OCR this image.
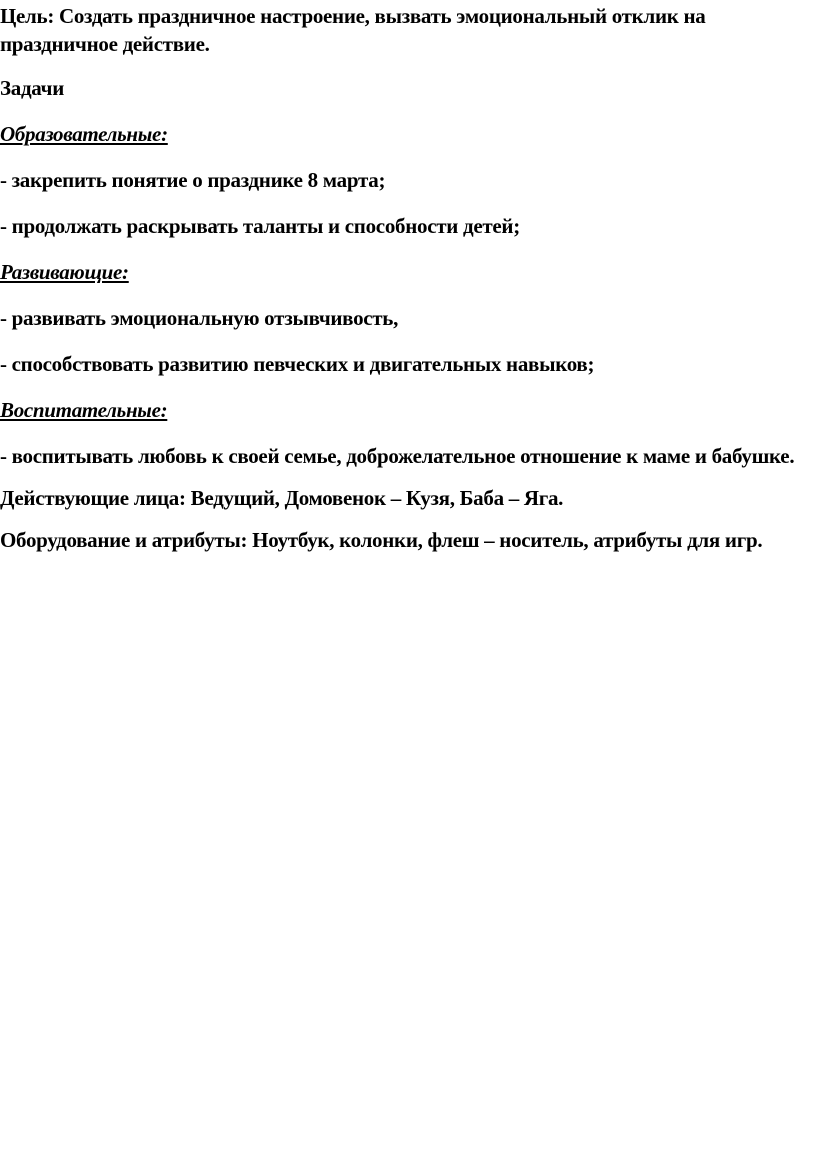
Цель: Создать праздничное настроение, вызвать эмоциональный отклик на праздничное действие.

Задачи

Образовательные:

- закрепить понятие о празднике 8 марта;

- продолжать раскрывать таланты и способности детей;

Развивающие:

- развивать эмоциональную отзывчивость,

- способствовать развитию певческих и двигательных навыков;

Воспитательные:

- воспитывать любовь к своей семье, доброжелательное отношение к маме и бабушке.

Действующие лица: Ведущий, Домовенок – Кузя, Баба – Яга.

Оборудование и атрибуты: Ноутбук, колонки, флеш – носитель, атрибуты для игр.
